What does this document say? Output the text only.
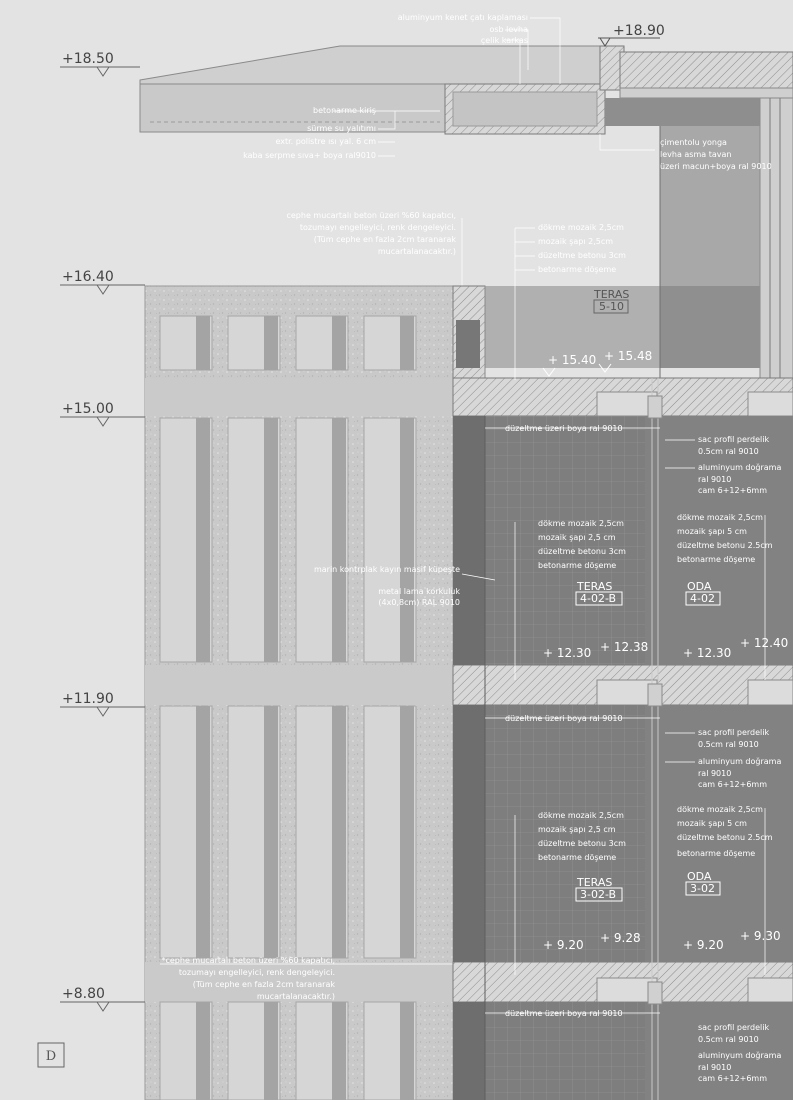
aluminyum kenet çatı kaplaması
osb levha
çelik karkas
betonarme kiriş
sürme su yalıtımı
extr. polistre ısı yal. 6 cm
kaba serpme sıva+ boya ral9010
çimentolu yonga
levha asma tavan
üzeri macun+boya ral 9010
+18.90
cephe mucartalı beton üzeri %60 kapatıcı,
tozumayı engelleyici, renk dengeleyici.
(Tüm cephe en fazla 2cm taranarak
mucartalanacaktır.)
*cephe mucartalı beton üzeri %60 kapatıcı,
tozumayı engelleyici, renk dengeleyici.
(Tüm cephe en fazla 2cm taranarak
mucartalanacaktır.)
+18.50
+16.40
+15.00
+11.90
+8.80
dökme mozaik 2,5cm
mozaik şapı 2,5cm
düzeltme betonu 3cm
betonarme döşeme
TERAS
5-10
+ 15.40 + 15.48
düzeltme üzeri boya ral 9010
sac profil perdelik
0.5cm ral 9010
aluminyum doğrama
ral 9010
cam 6+12+6mm
dökme mozaik 2,5cm
mozaik şapı 2,5 cm
düzeltme betonu 3cm
betonarme döşeme
dökme mozaik 2,5cm
mozaik şapı 5 cm
düzeltme betonu 2.5cm
betonarme döşeme
marin kontrplak kayın masif küpeşte
metal lama korkuluk
(4x0,8cm) RAL 9010
TERAS
4-02-B
ODA
4-02
+ 12.30 + 12.38	+ 12.30
+ 12.40
düzeltme üzeri boya ral 9010
sac profil perdelik
0.5cm ral 9010
aluminyum doğrama
ral 9010
cam 6+12+6mm
dökme mozaik 2,5cm
mozaik şapı 2,5 cm
düzeltme betonu 3cm
betonarme döşeme
dökme mozaik 2,5cm
mozaik şapı 5 cm
düzeltme betonu 2.5cm
betonarme döşeme
TERAS
3-02-B
ODA
3-02
+ 9.20 + 9.28	+ 9.20
+ 9.30
düzeltme üzeri boya ral 9010
sac profil perdelik
0.5cm ral 9010
aluminyum doğrama
ral 9010
cam 6+12+6mm
D
